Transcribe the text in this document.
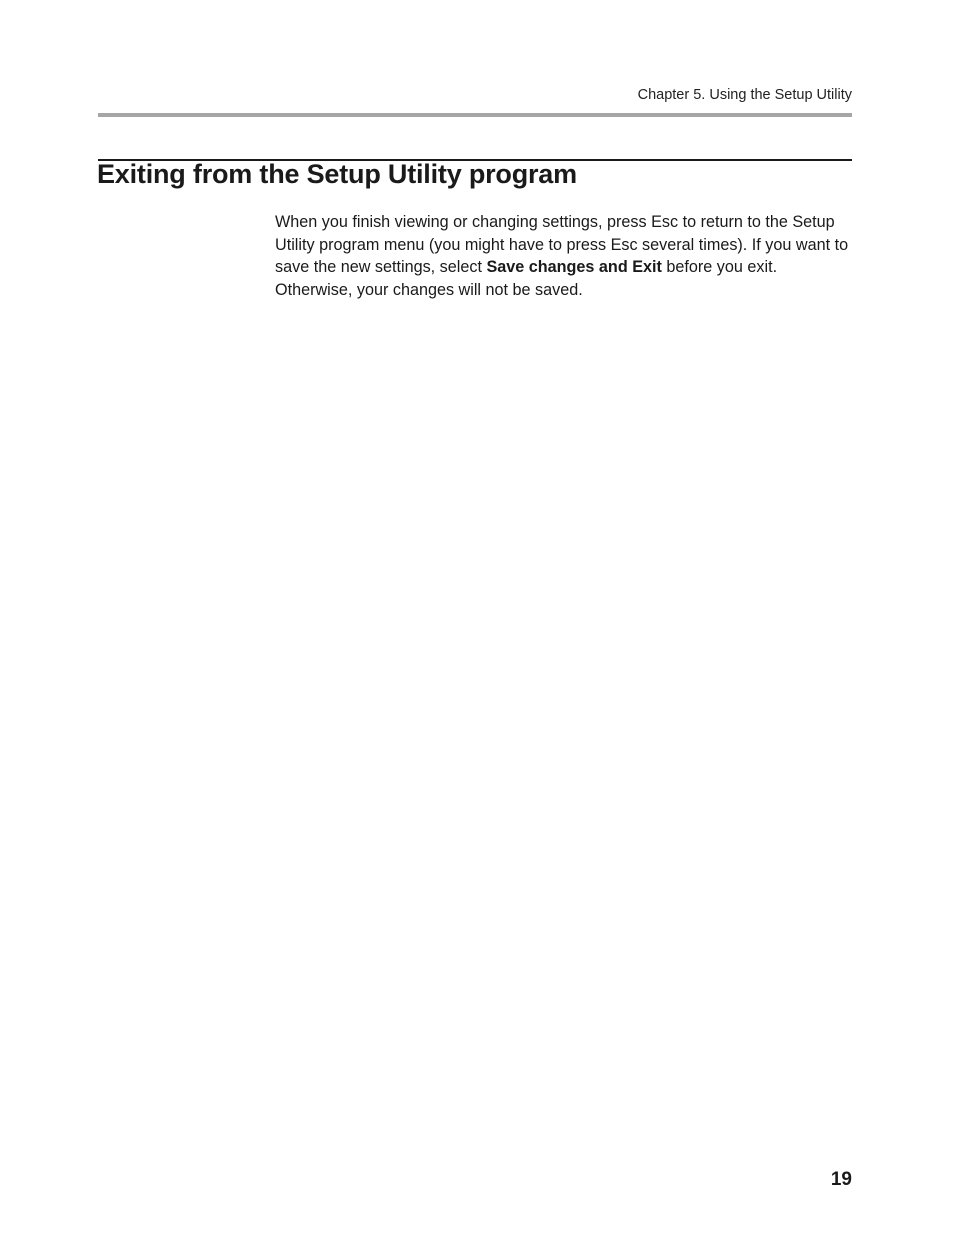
Chapter 5. Using the Setup Utility
Exiting from the Setup Utility program

When you finish viewing or changing settings, press Esc to return to the Setup Utility program menu (you might have to press Esc several times). If you want to save the new settings, select Save changes and Exit before you exit. Otherwise, your changes will not be saved.

19
